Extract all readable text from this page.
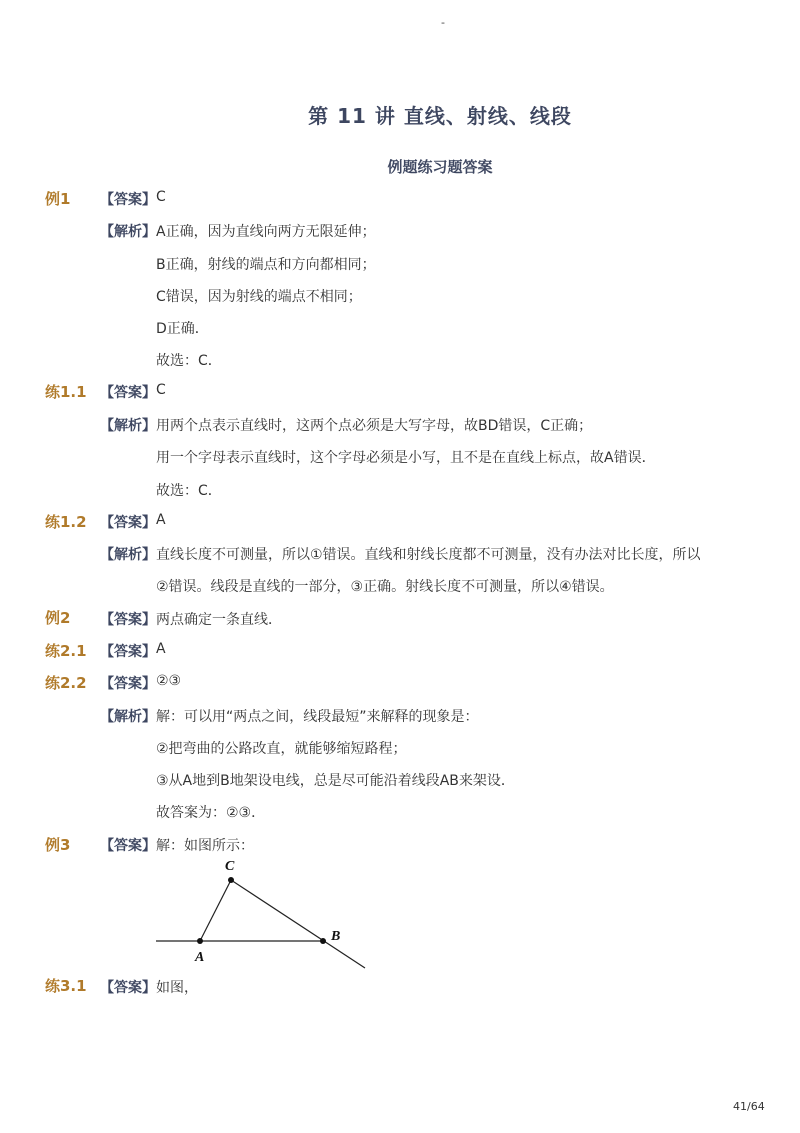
-
第 11 讲 直线、射线、线段
例题练习题答案
例1 【答案】 C
【解析】 A正确，因为直线向两方无限延伸；
B正确，射线的端点和方向都相同；
C错误，因为射线的端点不相同；
D正确．
故选：C．
练1.1 【答案】 C
【解析】 用两个点表示直线时，这两个点必须是大写字母，故BD错误，C正确；
用一个字母表示直线时，这个字母必须是小写，且不是在直线上标点，故A错误．
故选：C．
练1.2 【答案】 A
【解析】 直线长度不可测量，所以①错误。直线和射线长度都不可测量，没有办法对比长度，所以
②错误。线段是直线的一部分，③正确。射线长度不可测量，所以④错误。
例2 【答案】 两点确定一条直线．
练2.1 【答案】 A
练2.2 【答案】 ②③
【解析】 解：可以用“两点之间，线段最短”来解释的现象是：
②把弯曲的公路改直，就能够缩短路程；
③从A地到B地架设电线，总是尽可能沿着线段AB来架设．
故答案为：②③．
例3 【答案】 解：如图所示：
A
B
C
练3.1 【答案】 如图，
41/64
